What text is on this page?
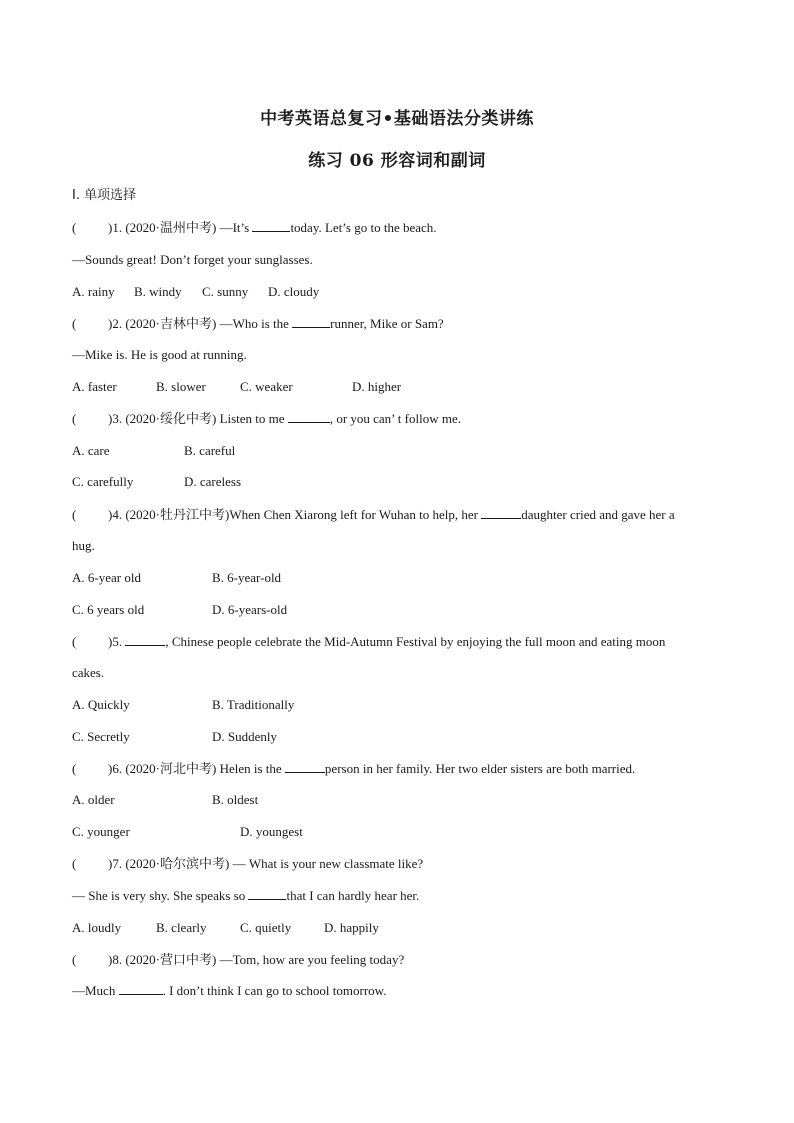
中考英语总复习•基础语法分类讲练
练习 06 形容词和副词
Ⅰ. 单项选择
( )1. (2020·温州中考) —It’s	today. Let’s go to the beach.
—Sounds great! Don’t forget your sunglasses.
A. rainy B. windy C. sunny D. cloudy
( )2. (2020·吉林中考) —Who is the	runner, Mike or Sam?
—Mike is. He is good at running.
A. faster	B. slower	C. weaker	D. higher
( )3. (2020·绥化中考) Listen to me	, or you can’ t follow me.
A. care	B. careful
C. carefully	D. careless
( )4. (2020·牡丹江中考)When Chen Xiarong left for Wuhan to help, her	daughter cried and gave her a
hug.
A. 6-year old	B. 6-year-old
C. 6 years old	D. 6-years-old
( )5.	, Chinese people celebrate the Mid-Autumn Festival by enjoying the full moon and eating moon
cakes.
A. Quickly	B. Traditionally
C. Secretly	D. Suddenly
( )6. (2020·河北中考) Helen is the	person in her family. Her two elder sisters are both married.
A. older	B. oldest
C. younger	D. youngest
( )7. (2020·哈尔滨中考) — What is your new classmate like?
— She is very shy. She speaks so	that I can hardly hear her.
A. loudly	B. clearly	C. quietly	D. happily
( )8. (2020·营口中考) —Tom, how are you feeling today?
—Much	. I don’t think I can go to school tomorrow.
